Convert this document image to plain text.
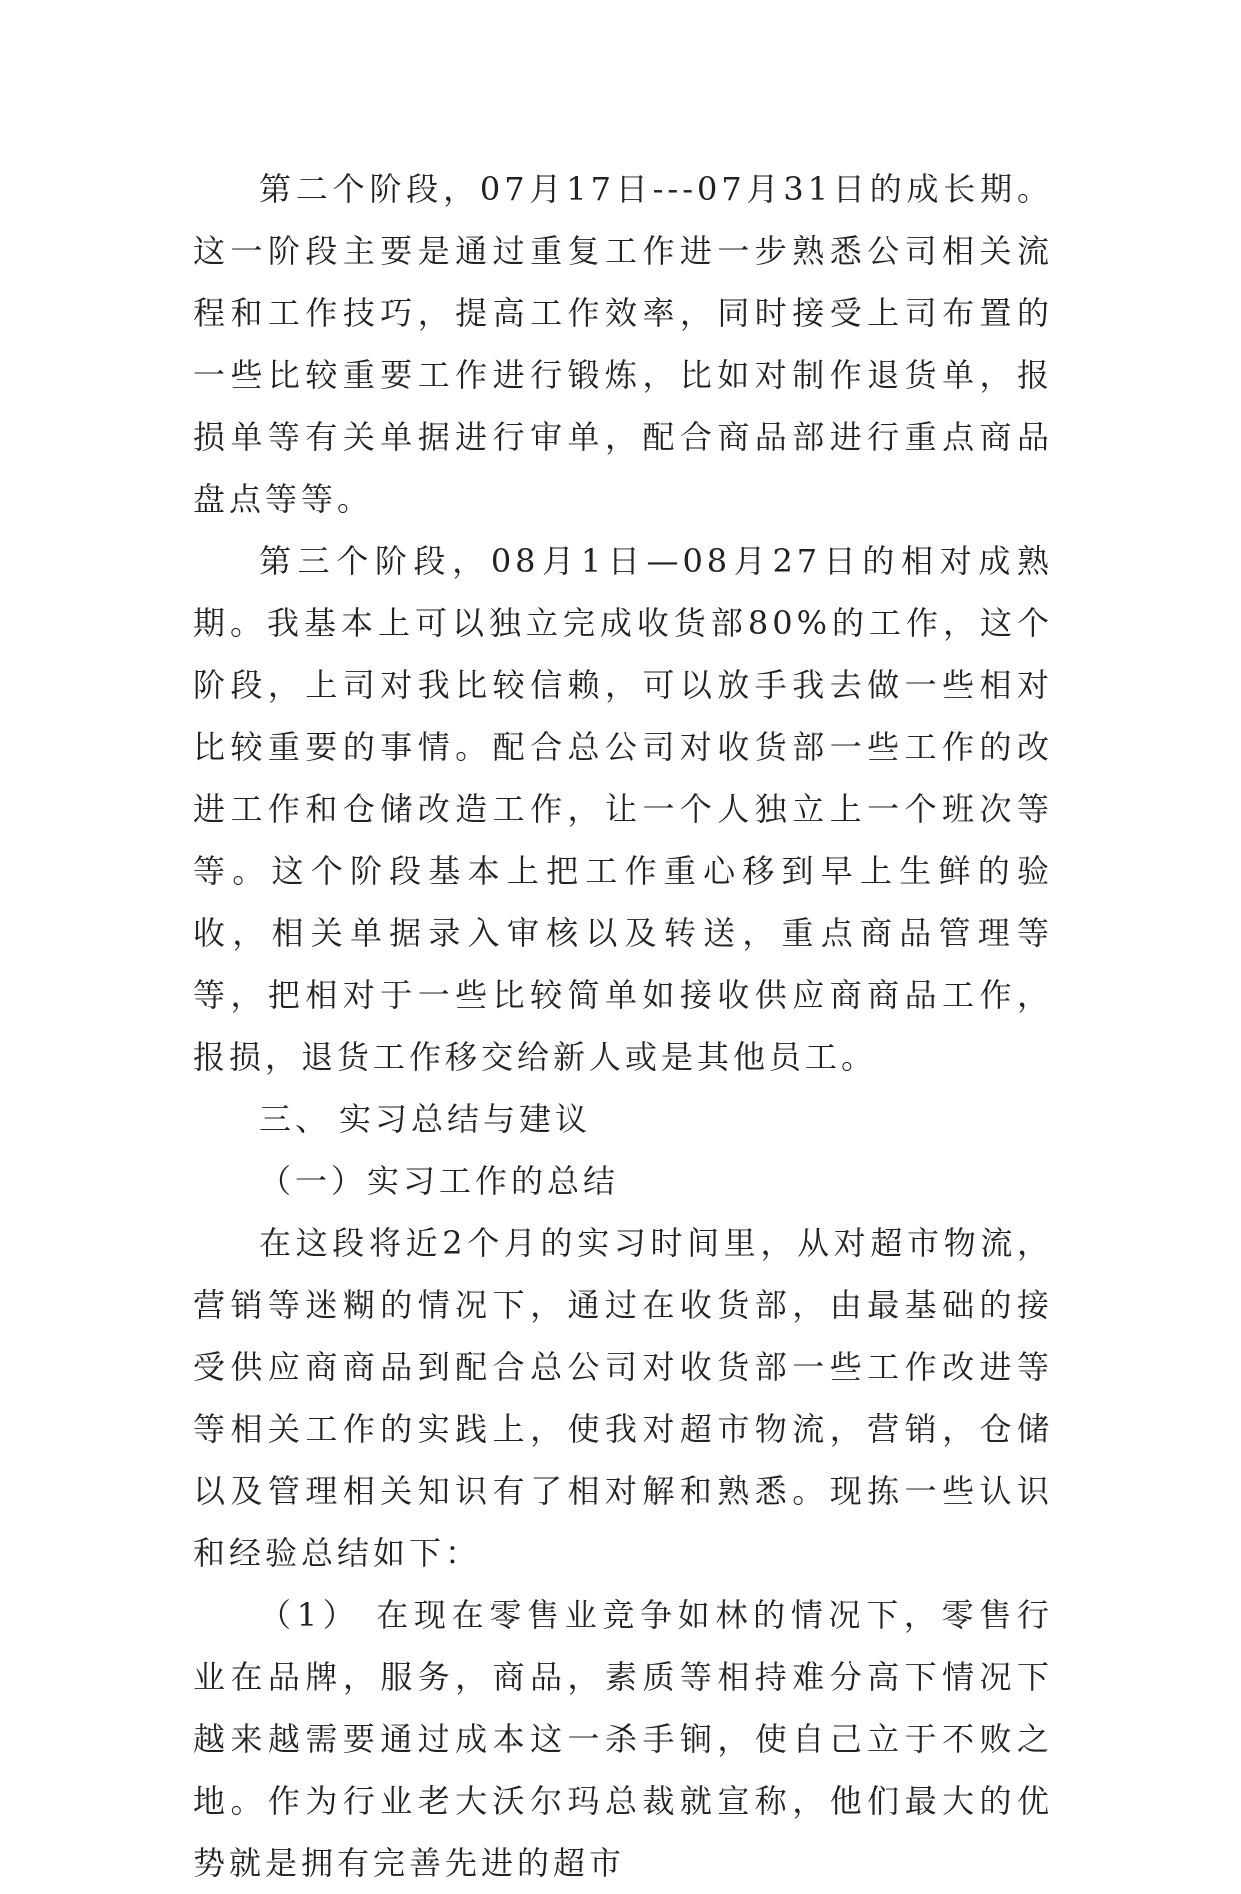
第二个阶段，07月17日---07月31日的成长期。这一阶段主要是通过重复工作进一步熟悉公司相关流程和工作技巧，提高工作效率，同时接受上司布置的一些比较重要工作进行锻炼，比如对制作退货单，报损单等有关单据进行审单，配合商品部进行重点商品盘点等等。

第三个阶段，08月1日—08月27日的相对成熟期。我基本上可以独立完成收货部80%的工作，这个阶段，上司对我比较信赖，可以放手我去做一些相对比较重要的事情。配合总公司对收货部一些工作的改进工作和仓储改造工作，让一个人独立上一个班次等等。这个阶段基本上把工作重心移到早上生鲜的验收，相关单据录入审核以及转送，重点商品管理等等，把相对于一些比较简单如接收供应商商品工作，报损，退货工作移交给新人或是其他员工。

三、 实习总结与建议

（一）实习工作的总结

在这段将近2个月的实习时间里，从对超市物流，营销等迷糊的情况下，通过在收货部，由最基础的接受供应商商品到配合总公司对收货部一些工作改进等等相关工作的实践上，使我对超市物流，营销，仓储以及管理相关知识有了相对解和熟悉。现拣一些认识和经验总结如下：

（1） 在现在零售业竞争如林的情况下，零售行业在品牌，服务，商品，素质等相持难分高下情况下越来越需要通过成本这一杀手锏，使自己立于不败之地。作为行业老大沃尔玛总裁就宣称，他们最大的优势就是拥有完善先进的超市
